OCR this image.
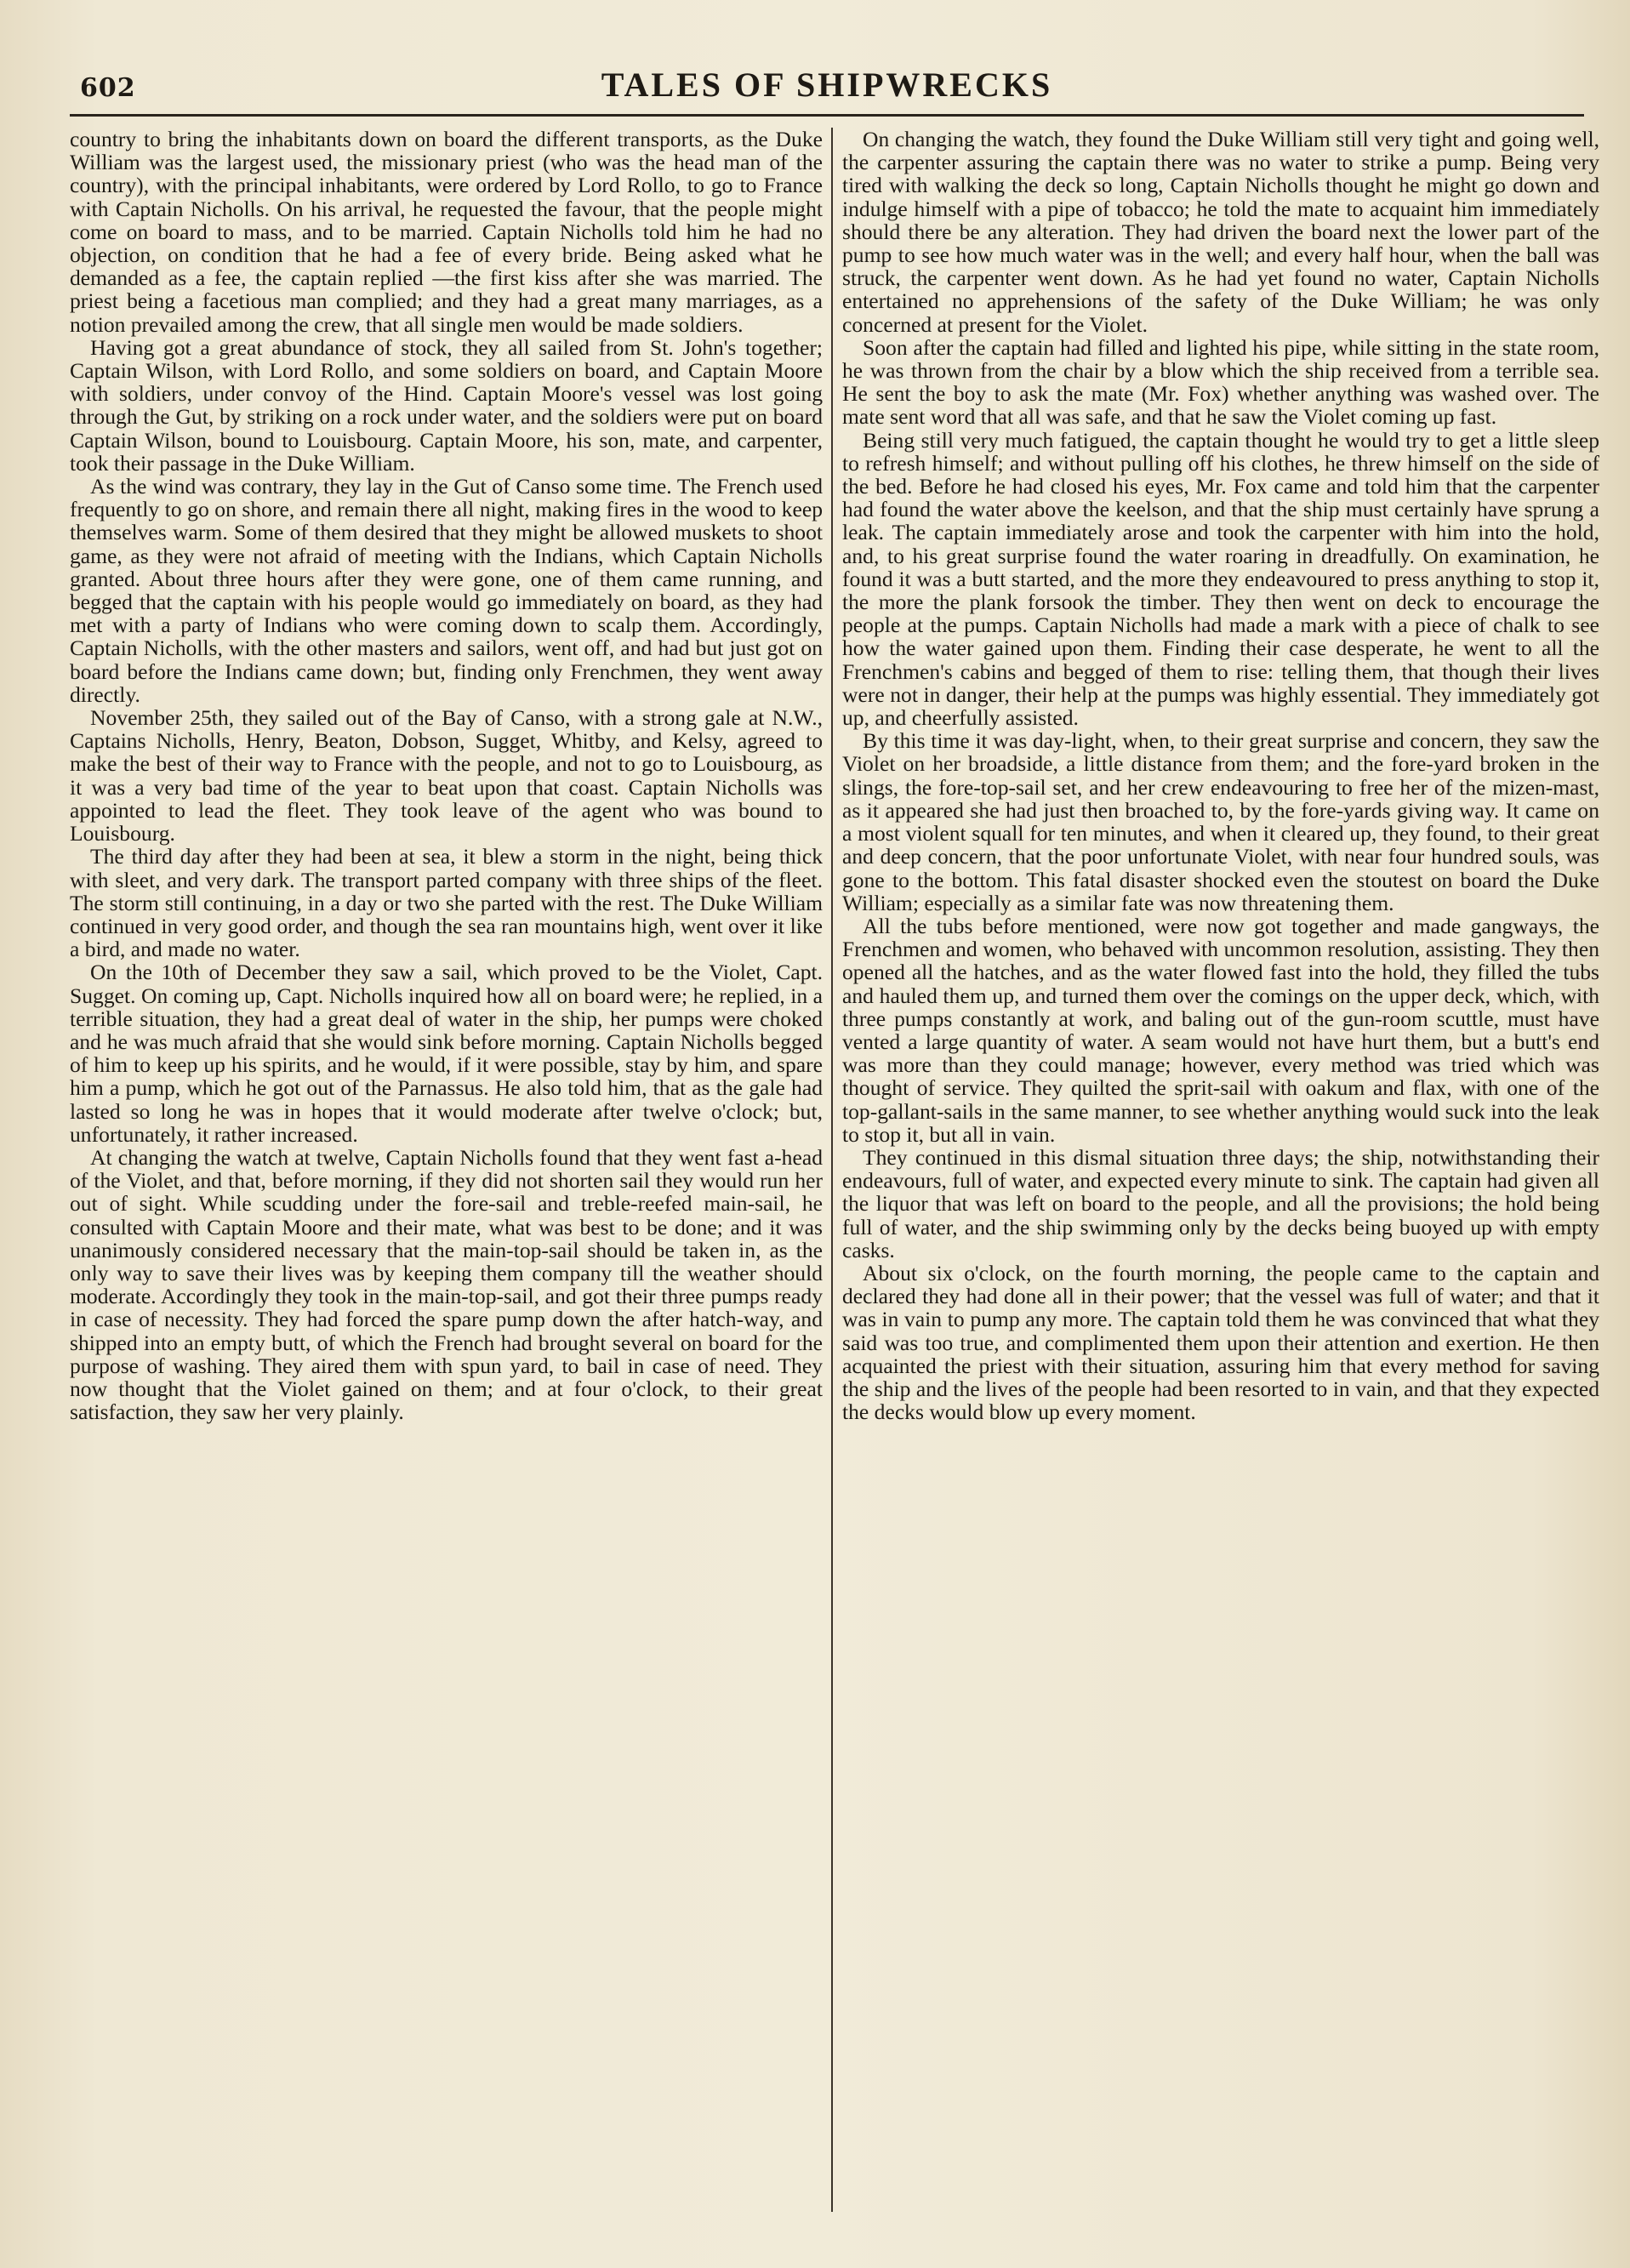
602	TALES OF SHIPWRECKS

country to bring the inhabitants down on board the different transports, as the Duke William was the largest used, the missionary priest (who was the head man of the country), with the principal inhabitants, were ordered by Lord Rollo, to go to France with Captain Nicholls. On his arrival, he requested the favour, that the people might come on board to mass, and to be married. Captain Nicholls told him he had no objection, on condition that he had a fee of every bride. Being asked what he demanded as a fee, the captain replied —the first kiss after she was married. The priest being a facetious man complied; and they had a great many marriages, as a notion prevailed among the crew, that all single men would be made soldiers.

Having got a great abundance of stock, they all sailed from St. John's together; Captain Wilson, with Lord Rollo, and some soldiers on board, and Captain Moore with soldiers, under convoy of the Hind. Captain Moore's vessel was lost going through the Gut, by striking on a rock under water, and the soldiers were put on board Captain Wilson, bound to Louisbourg. Captain Moore, his son, mate, and carpenter, took their passage in the Duke William.

As the wind was contrary, they lay in the Gut of Canso some time. The French used frequently to go on shore, and remain there all night, making fires in the wood to keep themselves warm. Some of them desired that they might be allowed muskets to shoot game, as they were not afraid of meeting with the Indians, which Captain Nicholls granted. About three hours after they were gone, one of them came running, and begged that the captain with his people would go immediately on board, as they had met with a party of Indians who were coming down to scalp them. Accordingly, Captain Nicholls, with the other masters and sailors, went off, and had but just got on board before the Indians came down; but, finding only Frenchmen, they went away directly.

November 25th, they sailed out of the Bay of Canso, with a strong gale at N.W., Captains Nicholls, Henry, Beaton, Dobson, Sugget, Whitby, and Kelsy, agreed to make the best of their way to France with the people, and not to go to Louisbourg, as it was a very bad time of the year to beat upon that coast. Captain Nicholls was appointed to lead the fleet. They took leave of the agent who was bound to Louisbourg.

The third day after they had been at sea, it blew a storm in the night, being thick with sleet, and very dark. The transport parted company with three ships of the fleet. The storm still continuing, in a day or two she parted with the rest. The Duke William continued in very good order, and though the sea ran mountains high, went over it like a bird, and made no water.

On the 10th of December they saw a sail, which proved to be the Violet, Capt. Sugget. On coming up, Capt. Nicholls inquired how all on board were; he replied, in a terrible situation, they had a great deal of water in the ship, her pumps were choked and he was much afraid that she would sink before morning. Captain Nicholls begged of him to keep up his spirits, and he would, if it were possible, stay by him, and spare him a pump, which he got out of the Parnassus. He also told him, that as the gale had lasted so long he was in hopes that it would moderate after twelve o'clock; but, unfortunately, it rather increased.

At changing the watch at twelve, Captain Nicholls found that they went fast a-head of the Violet, and that, before morning, if they did not shorten sail they would run her out of sight. While scudding under the fore-sail and treble-reefed main-sail, he consulted with Captain Moore and their mate, what was best to be done; and it was unanimously considered necessary that the main-top-sail should be taken in, as the only way to save their lives was by keeping them company till the weather should moderate. Accordingly they took in the main-top-sail, and got their three pumps ready in case of necessity. They had forced the spare pump down the after hatch-way, and shipped into an empty butt, of which the French had brought several on board for the purpose of washing. They aired them with spun yard, to bail in case of need. They now thought that the Violet gained on them; and at four o'clock, to their great satisfaction, they saw her very plainly.

On changing the watch, they found the Duke William still very tight and going well, the carpenter assuring the captain there was no water to strike a pump. Being very tired with walking the deck so long, Captain Nicholls thought he might go down and indulge himself with a pipe of tobacco; he told the mate to acquaint him immediately should there be any alteration. They had driven the board next the lower part of the pump to see how much water was in the well; and every half hour, when the ball was struck, the carpenter went down. As he had yet found no water, Captain Nicholls entertained no apprehensions of the safety of the Duke William; he was only concerned at present for the Violet.

Soon after the captain had filled and lighted his pipe, while sitting in the state room, he was thrown from the chair by a blow which the ship received from a terrible sea. He sent the boy to ask the mate (Mr. Fox) whether anything was washed over. The mate sent word that all was safe, and that he saw the Violet coming up fast.

Being still very much fatigued, the captain thought he would try to get a little sleep to refresh himself; and without pulling off his clothes, he threw himself on the side of the bed. Before he had closed his eyes, Mr. Fox came and told him that the carpenter had found the water above the keelson, and that the ship must certainly have sprung a leak. The captain immediately arose and took the carpenter with him into the hold, and, to his great surprise found the water roaring in dreadfully. On examination, he found it was a butt started, and the more they endeavoured to press anything to stop it, the more the plank forsook the timber. They then went on deck to encourage the people at the pumps. Captain Nicholls had made a mark with a piece of chalk to see how the water gained upon them. Finding their case desperate, he went to all the Frenchmen's cabins and begged of them to rise: telling them, that though their lives were not in danger, their help at the pumps was highly essential. They immediately got up, and cheerfully assisted.

By this time it was day-light, when, to their great surprise and concern, they saw the Violet on her broadside, a little distance from them; and the fore-yard broken in the slings, the fore-top-sail set, and her crew endeavouring to free her of the mizen-mast, as it appeared she had just then broached to, by the fore-yards giving way. It came on a most violent squall for ten minutes, and when it cleared up, they found, to their great and deep concern, that the poor unfortunate Violet, with near four hundred souls, was gone to the bottom. This fatal disaster shocked even the stoutest on board the Duke William; especially as a similar fate was now threatening them.

All the tubs before mentioned, were now got together and made gangways, the Frenchmen and women, who behaved with uncommon resolution, assisting. They then opened all the hatches, and as the water flowed fast into the hold, they filled the tubs and hauled them up, and turned them over the comings on the upper deck, which, with three pumps constantly at work, and baling out of the gun-room scuttle, must have vented a large quantity of water. A seam would not have hurt them, but a butt's end was more than they could manage; however, every method was tried which was thought of service. They quilted the sprit-sail with oakum and flax, with one of the top-gallant-sails in the same manner, to see whether anything would suck into the leak to stop it, but all in vain.

They continued in this dismal situation three days; the ship, notwithstanding their endeavours, full of water, and expected every minute to sink. The captain had given all the liquor that was left on board to the people, and all the provisions; the hold being full of water, and the ship swimming only by the decks being buoyed up with empty casks.

About six o'clock, on the fourth morning, the people came to the captain and declared they had done all in their power; that the vessel was full of water; and that it was in vain to pump any more. The captain told them he was convinced that what they said was too true, and complimented them upon their attention and exertion. He then acquainted the priest with their situation, assuring him that every method for saving the ship and the lives of the people had been resorted to in vain, and that they expected the decks would blow up every moment.
